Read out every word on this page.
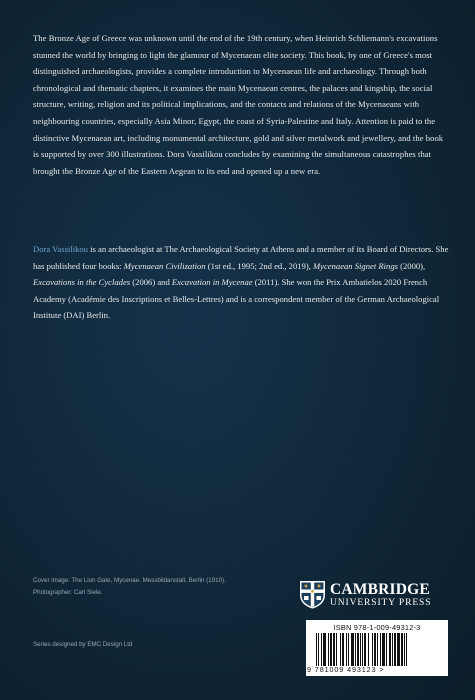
The Bronze Age of Greece was unknown until the end of the 19th century, when Heinrich Schliemann's excavations stunned the world by bringing to light the glamour of Mycenaean elite society. This book, by one of Greece's most distinguished archaeologists, provides a complete introduction to Mycenaean life and archaeology. Through both chronological and thematic chapters, it examines the main Mycenaean centres, the palaces and kingship, the social structure, writing, religion and its political implications, and the contacts and relations of the Mycenaeans with neighbouring countries, especially Asia Minor, Egypt, the coast of Syria-Palestine and Italy. Attention is paid to the distinctive Mycenaean art, including monumental architecture, gold and silver metalwork and jewellery, and the book is supported by over 300 illustrations. Dora Vassilikou concludes by examining the simultaneous catastrophes that brought the Bronze Age of the Eastern Aegean to its end and opened up a new era.

Dora Vassilikou is an archaeologist at The Archaeological Society at Athens and a member of its Board of Directors. She has published four books: Mycenaean Civilization (1st ed., 1995; 2nd ed., 2019), Mycenaean Signet Rings (2000), Excavations in the Cyclades (2006) and Excavation in Mycenae (2011). She won the Prix Ambatielos 2020 French Academy (Académie des Inscriptions et Belles-Lettres) and is a correspondent member of the German Archaeological Institute (DAI) Berlin.

Cover image: The Lion Gate, Mycenae. Messbildanstalt, Berlin (1910). Photographer: Carl Siele.

Series designed by EMC Design Ltd

CAMBRIDGE
UNIVERSITY PRESS
ISBN 978-1-009-49312-3
9 781009 493123 >
